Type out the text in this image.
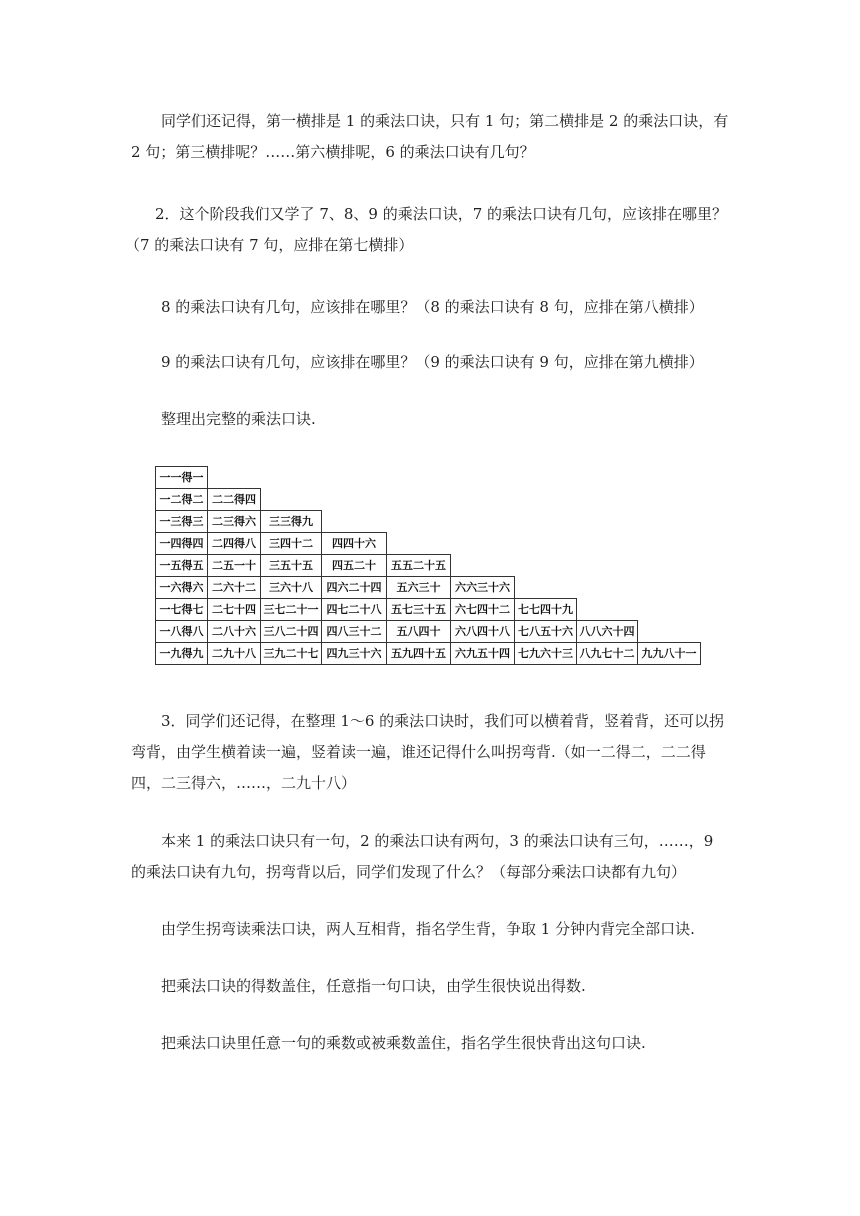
同学们还记得，第一横排是 1 的乘法口诀，只有 1 句；第二横排是 2 的乘法口诀，有 2 句；第三横排呢？……第六横排呢，6 的乘法口诀有几句？

2．这个阶段我们又学了 7、8、9 的乘法口诀，7 的乘法口诀有几句，应该排在哪里？（7 的乘法口诀有 7 句，应排在第七横排）

8 的乘法口诀有几句，应该排在哪里？（8 的乘法口诀有 8 句，应排在第八横排）

9 的乘法口诀有几句，应该排在哪里？（9 的乘法口诀有 9 句，应排在第九横排）

整理出完整的乘法口诀.

一一得一								
一二得二	二二得四							
一三得三	二三得六	三三得九						
一四得四	二四得八	三四十二	四四十六					
一五得五	二五一十	三五十五	四五二十	五五二十五				
一六得六	二六十二	三六十八	四六二十四	五六三十	六六三十六			
一七得七	二七十四	三七二十一	四七二十八	五七三十五	六七四十二	七七四十九		
一八得八	二八十六	三八二十四	四八三十二	五八四十	六八四十八	七八五十六	八八六十四	
一九得九	二九十八	三九二十七	四九三十六	五九四十五	六九五十四	七九六十三	八九七十二	九九八十一

3．同学们还记得，在整理 1～6 的乘法口诀时，我们可以横着背，竖着背，还可以拐弯背，由学生横着读一遍，竖着读一遍，谁还记得什么叫拐弯背.（如一二得二，二二得四，二三得六，……，二九十八）

本来 1 的乘法口诀只有一句，2 的乘法口诀有两句，3 的乘法口诀有三句，……，9 的乘法口诀有九句，拐弯背以后，同学们发现了什么？（每部分乘法口诀都有九句）

由学生拐弯读乘法口诀，两人互相背，指名学生背，争取 1 分钟内背完全部口诀.

把乘法口诀的得数盖住，任意指一句口诀，由学生很快说出得数.

把乘法口诀里任意一句的乘数或被乘数盖住，指名学生很快背出这句口诀.
